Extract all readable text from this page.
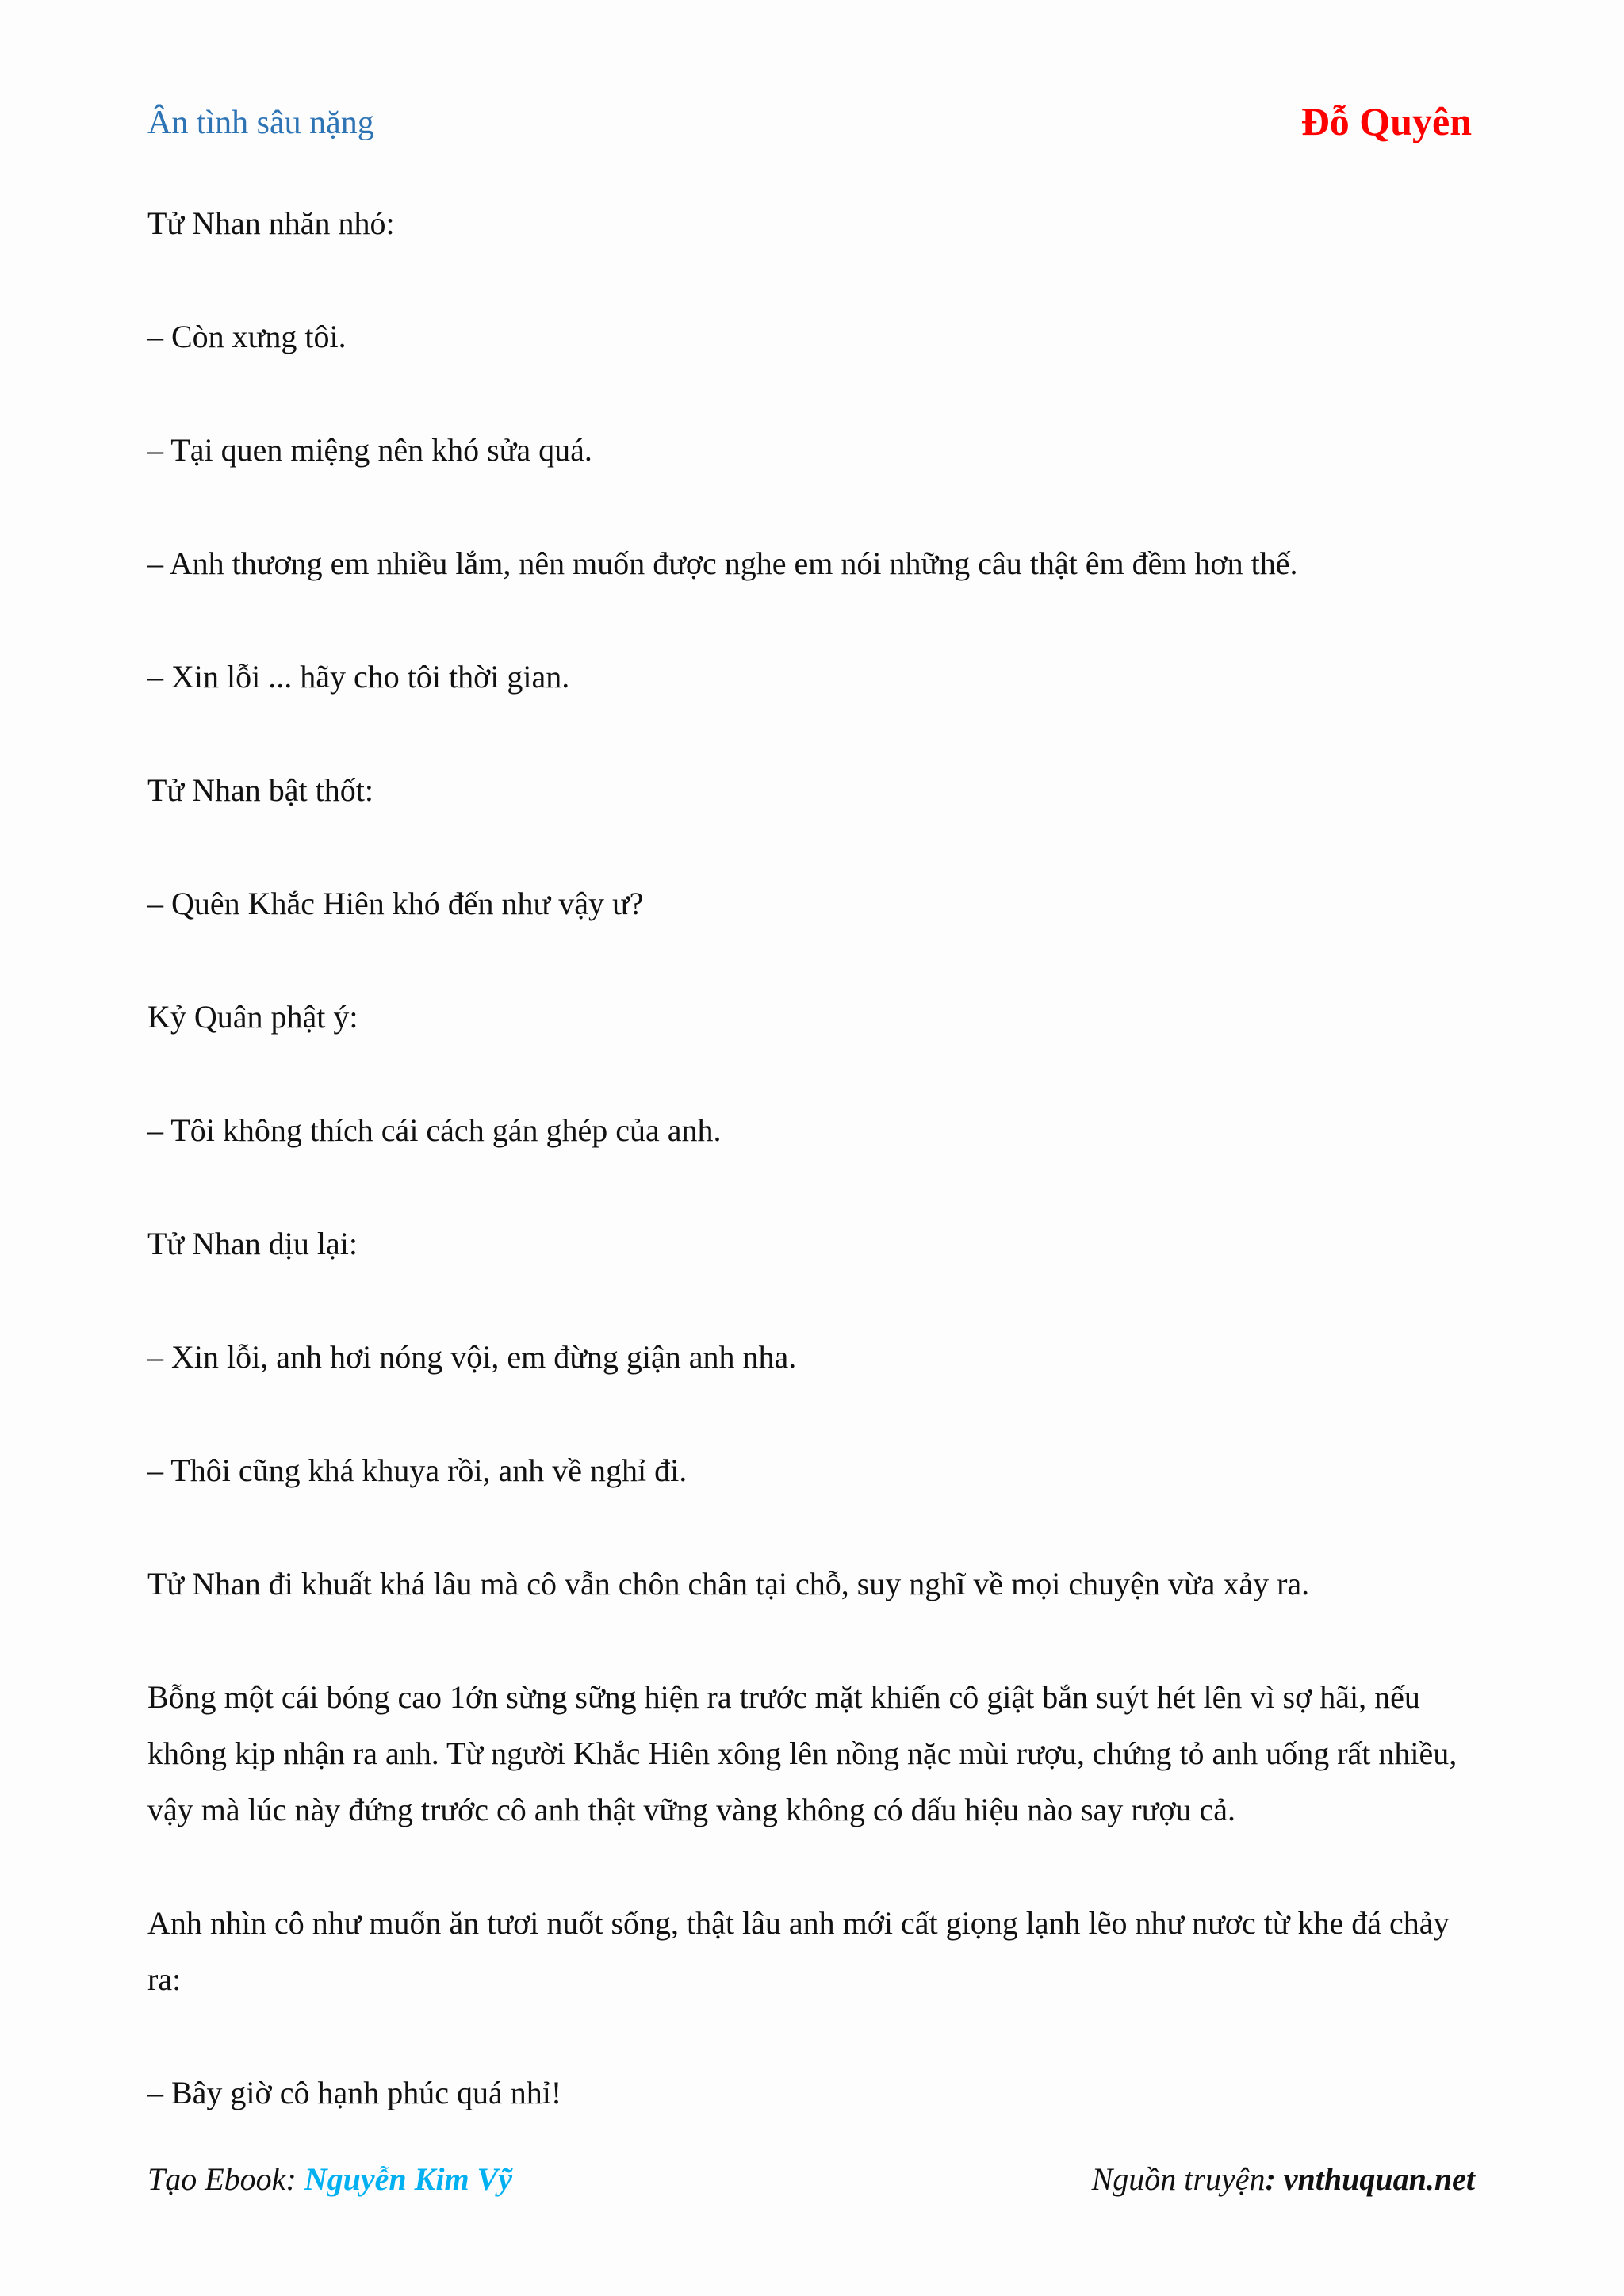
Ân tình sâu nặng	Đỗ Quyên

Tử Nhan nhăn nhó:

– Còn xưng tôi.

– Tại quen miệng nên khó sửa quá.

– Anh thương em nhiều lắm, nên muốn được nghe em nói những câu thật êm đềm hơn thế.

– Xin lỗi ... hãy cho tôi thời gian.

Tử Nhan bật thốt:

– Quên Khắc Hiên khó đến như vậy ư?

Kỷ Quân phật ý:

– Tôi không thích cái cách gán ghép của anh.

Tử Nhan dịu lại:

– Xin lỗi, anh hơi nóng vội, em đừng giận anh nha.

– Thôi cũng khá khuya rồi, anh về nghỉ đi.

Tử Nhan đi khuất khá lâu mà cô vẫn chôn chân tại chỗ, suy nghĩ về mọi chuyện vừa xảy ra.

Bỗng một cái bóng cao 1ớn sừng sững hiện ra trước mặt khiến cô giật bắn suýt hét lên vì sợ hãi, nếu không kịp nhận ra anh. Từ người Khắc Hiên xông lên nồng nặc mùi rượu, chứng tỏ anh uống rất nhiều, vậy mà lúc này đứng trước cô anh thật vững vàng không có dấu hiệu nào say rượu cả.

Anh nhìn cô như muốn ăn tươi nuốt sống, thật lâu anh mới cất giọng lạnh lẽo như nươc từ khe đá chảy ra:

– Bây giờ cô hạnh phúc quá nhỉ!

Tạo Ebook: Nguyễn Kim Vỹ	Nguồn truyện: vnthuquan.net
